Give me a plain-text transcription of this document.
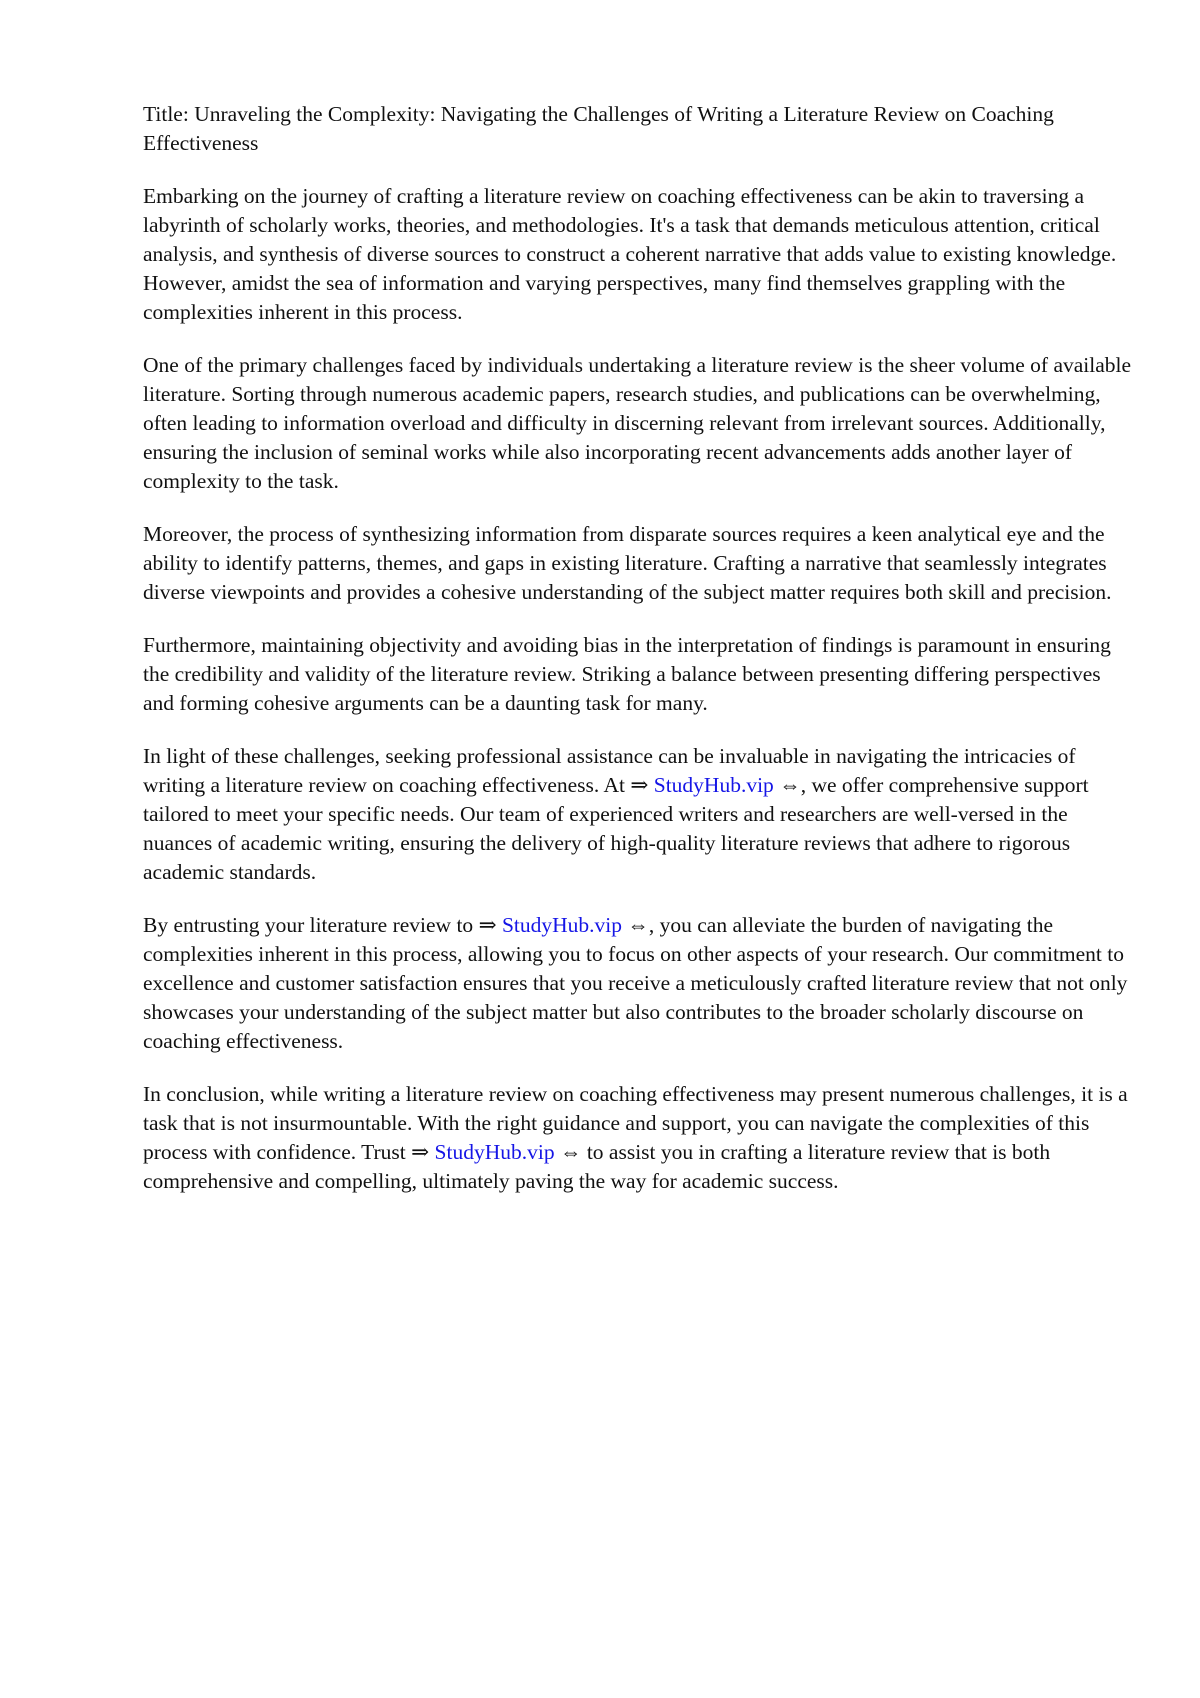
Title: Unraveling the Complexity: Navigating the Challenges of Writing a Literature Review on Coaching Effectiveness

Embarking on the journey of crafting a literature review on coaching effectiveness can be akin to traversing a labyrinth of scholarly works, theories, and methodologies. It's a task that demands meticulous attention, critical analysis, and synthesis of diverse sources to construct a coherent narrative that adds value to existing knowledge. However, amidst the sea of information and varying perspectives, many find themselves grappling with the complexities inherent in this process.

One of the primary challenges faced by individuals undertaking a literature review is the sheer volume of available literature. Sorting through numerous academic papers, research studies, and publications can be overwhelming, often leading to information overload and difficulty in discerning relevant from irrelevant sources. Additionally, ensuring the inclusion of seminal works while also incorporating recent advancements adds another layer of complexity to the task.

Moreover, the process of synthesizing information from disparate sources requires a keen analytical eye and the ability to identify patterns, themes, and gaps in existing literature. Crafting a narrative that seamlessly integrates diverse viewpoints and provides a cohesive understanding of the subject matter requires both skill and precision.

Furthermore, maintaining objectivity and avoiding bias in the interpretation of findings is paramount in ensuring the credibility and validity of the literature review. Striking a balance between presenting differing perspectives and forming cohesive arguments can be a daunting task for many.

In light of these challenges, seeking professional assistance can be invaluable in navigating the intricacies of writing a literature review on coaching effectiveness. At ⇒ StudyHub.vip ⇔, we offer comprehensive support tailored to meet your specific needs. Our team of experienced writers and researchers are well-versed in the nuances of academic writing, ensuring the delivery of high-quality literature reviews that adhere to rigorous academic standards.

By entrusting your literature review to ⇒ StudyHub.vip ⇔, you can alleviate the burden of navigating the complexities inherent in this process, allowing you to focus on other aspects of your research. Our commitment to excellence and customer satisfaction ensures that you receive a meticulously crafted literature review that not only showcases your understanding of the subject matter but also contributes to the broader scholarly discourse on coaching effectiveness.

In conclusion, while writing a literature review on coaching effectiveness may present numerous challenges, it is a task that is not insurmountable. With the right guidance and support, you can navigate the complexities of this process with confidence. Trust ⇒ StudyHub.vip ⇔ to assist you in crafting a literature review that is both comprehensive and compelling, ultimately paving the way for academic success.
